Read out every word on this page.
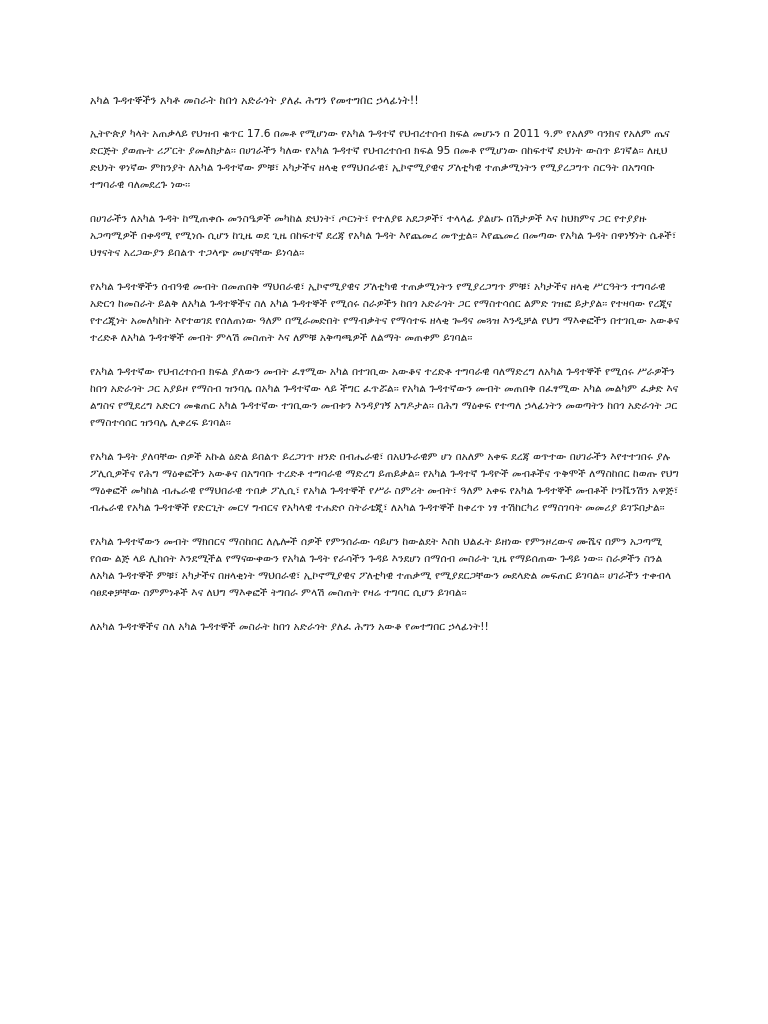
አካል ጉዳተኞችን አካቶ መስራት ከበጎ አድራጎት ያለፈ ሕግን የመተግበር ኃላፊነት!!

ኢትዮጵያ ካላት አጠቃላይ የህዝብ ቁጥር 17.6 በመቶ የሚሆነው የአካል ጉዳተኛ የህብረተሰብ ክፍል መሆኑን በ 2011 ዓ.ም የአለም ባንክና የአለም ጤና ድርጅት ያወጡት ሪፖርት ያመለክታል፡፡ በሀገራችን ካለው የአካል ጉዳተኛ የህብረተሰብ ክፍል 95 በመቶ የሚሆነው በከፍተኛ ድህነት ውስጥ ይገኛል፡፡ ለዚህ ድህነት ዋነኛው ምክንያት ለአካል ጉዳተኛው ምቹ፣ አካታችና ዘላቂ የማህበራዊ፣ ኢኮኖሚያዊና ፖለቲካዊ ተጠቃሚነትን የሚያረጋግጥ ስርዓት በአግባቡ ተግባራዊ ባለመደረጉ ነው፡፡

በሀገራችን ለአካል ጉዳት ከሚጠቀሱ መንስዔዎች መካከል ድህነት፣ ጦርነት፣ የተለያዩ አደጋዎች፣ ተላላፊ ያልሆኑ በሽታዎች እና ከህክምና ጋር የተያያዙ አጋጣሚዎች በቀዳሚ የሚነሱ ሲሆን ከጊዜ ወደ ጊዜ በከፍተኛ ደረጃ የአካል ጉዳት እየጨመረ መጥቷል፡፡ እየጨመረ በመጣው የአካል ጉዳት በዋነኝነት ሴቶች፣ ህፃናትና አረጋውያን ይበልጥ ተጋላጭ መሆናቸው ይነሳል፡፡

የአካል ጉዳተኞችን ሰብዓዊ መብት በመጠበቅ ማህበራዊ፣ ኢኮኖሚያዊና ፖለቲካዊ ተጠቃሚነትን የሚያረጋግጥ ምቹ፣ አካታችና ዘላቂ ሥርዓትን ተግባራዊ አድርጎ ከመስራት ይልቅ ለአካል ጉዳተኞችና ስለ አካል ጉዳተኞች የሚሰሩ ስራዎችን ከበጎ አድራጎት ጋር የማስተሳሰር ልምድ ገዝፎ ይታያል፡፡ የተዛባው የረጂና የተረጂነት አመለካከት እየተወገደ የሰለጠነው ዓለም በሚራመድበት የማብቃትና የማሳተፍ ዘላቂ ጐዳና መጓዝ እንዲቻል የህግ ማእቀፎችን በተገቢው አውቆና ተረድቶ ለአካል ጉዳተኞች መብት ምላሽ መስጠት እና ለምቹ አቅጣጫዎች ለልማት መጠቀም ይገባል፡፡

የአካል ጉዳተኛው የህብረተሰብ ክፍል ያለውን መብት ፈፃሚው አካል በተገቢው አውቆና ተረድቶ ተግባራዊ ባለማድረግ ለአካል ጉዳተኞች የሚሰሩ ሥራዎችን ከበጎ አድራጎት ጋር አያይዞ የማስብ ዝንባሌ በአካል ጉዳተኛው ላይ ችግር ፈጥሯል፡፡ የአካል ጉዳተኛውን መብት መጠበቅ በፈፃሚው አካል መልካም ፈቃድ እና ልግስና የሚደረግ አድርጎ መቁጠር አካል ጉዳተኛው ተገቢውን መብቱን እንዳያገኝ አግዶታል፡፡ በሕግ ማዕቀፍ የተጣለ ኃላፊነትን መወጣትን ከበጎ አድራጎት ጋር የማስተሳሰር ዝንባሌ ሊቀረፍ ይገባል፡፡

የአካል ጉዳት ያለባቸው ሰዎች አኩል ዕድል ይበልጥ ይረጋገጥ ዘንድ በብሔራዊ፣ በአህጉራዊም ሆነ በአለም አቀፍ ደረጃ ወጥተው በሀገራችን እየተተገበሩ ያሉ ፖሊሲዎችና የሕግ ማዕቀፎችን አውቆና በአግባቡ ተረድቶ ተግባራዊ ማድረግ ይጠይቃል፡፡ የአካል ጉዳተኛ ጉዳዮች መብቶችና ጥቅሞች ለማስከበር ከወጡ የህግ ማዕቀፎች መካከል ብሔራዊ የማህበራዊ ጥበቃ ፖሊሲ፣ የአካል ጉዳተኞች የሥራ ስምሪት መብት፣ ዓለም አቀፍ የአካል ጉዳተኞች መብቶች ኮንቬንሽን አዋጅ፣ ብሔራዊ የአካል ጉዳተኞች የድርጊት መርሃ ግብርና የአካላዊ ተሐድሶ ስትራቴጂ፣ ለአካል ጉዳተኞች ከቀረጥ ነፃ ተሽከርካሪ የማስገባት መመሪያ ይገኙበታል፡፡

የአካል ጉዳተኛውን መብት ማክበርና ማስከበር ለሌሎች ሰዎች የምንሰራው ሳይሆን ከውልደት እስከ ህልፈት ይዘነው የምንዞረውና ሙሼና በምን አጋጣሚ የሰው ልጅ ላይ ሊከሰት እንደሚችል የማናውቀውን የአካል ጉዳት የራሳችን ጉዳይ እንደሆነ በማሰብ መስራት ጊዜ የማይሰጠው ጉዳይ ነው፡፡ ስራዎችን ስንል ለአካል ጉዳተኞች ምቹ፣ አካታችና በዘላቂነት ማህበራዊ፣ ኢኮኖሚያዊና ፖለቲካዊ ተጠቃሚ የሚያደርጋቸውን መደላድል መፍጠር ይገባል፡፡ ሀገራችን ተቀብላ ሳፀደቀቻቸው ስምምነቶች እና ለህግ ማእቀፎች ትግበራ ምላሽ መስጠት የዛሬ ተግባር ሲሆን ይገባል፡፡

ለአካል ጉዳተኞችና ስለ አካል ጉዳተኞች መስራት ከበጎ አድራጎት ያለፈ ሕግን አውቆ የመተግበር ኃላፊነት!!
